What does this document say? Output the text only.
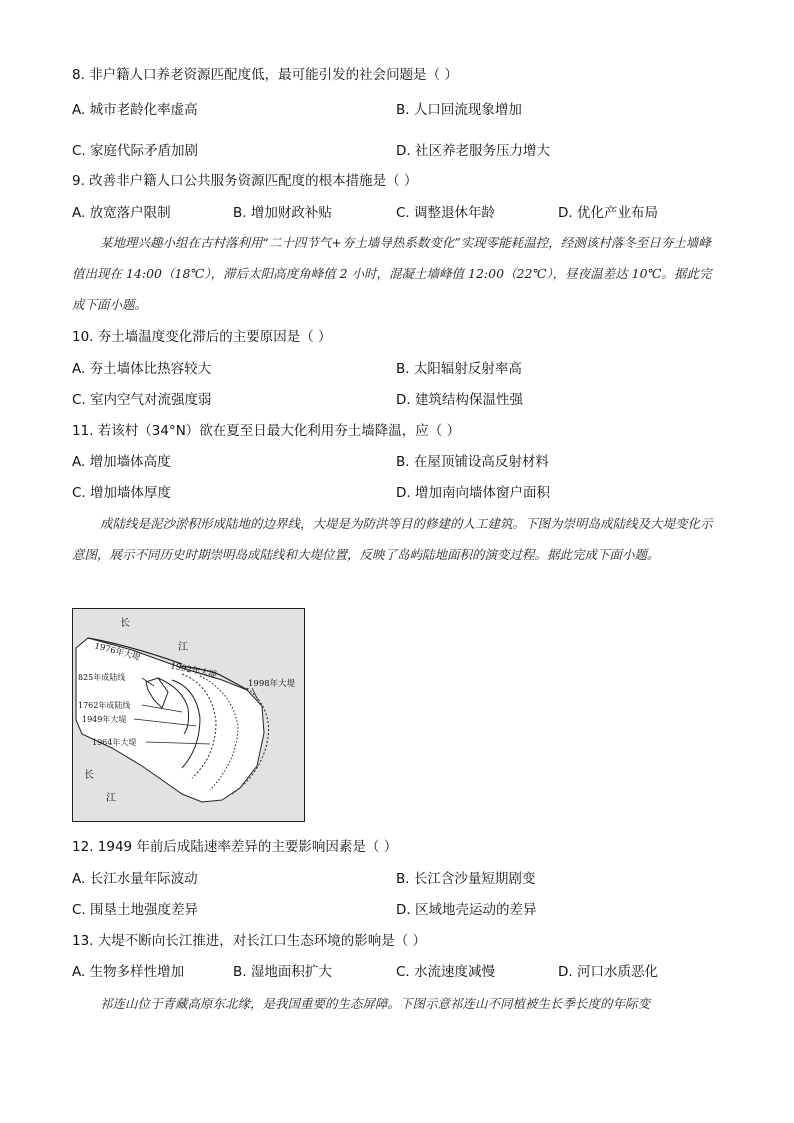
8. 非户籍人口养老资源匹配度低，最可能引发的社会问题是（ ）
A. 城市老龄化率虚高	B. 人口回流现象增加
C. 家庭代际矛盾加剧	D. 社区养老服务压力增大
9. 改善非户籍人口公共服务资源匹配度的根本措施是（ ）
A. 放宽落户限制	B. 增加财政补贴	C. 调整退休年龄	D. 优化产业布局
某地理兴趣小组在古村落利用“二十四节气+夯土墙导热系数变化”实现零能耗温控，经测该村落冬至日夯土墙峰值出现在 14:00（18℃），滞后太阳高度角峰值 2 小时，混凝土墙峰值 12:00（22℃），昼夜温差达 10℃。据此完成下面小题。
10. 夯土墙温度变化滞后的主要原因是（ ）
A. 夯土墙体比热容较大	B. 太阳辐射反射率高
C. 室内空气对流强度弱	D. 建筑结构保温性强
11. 若该村（34°N）欲在夏至日最大化利用夯土墙降温，应（ ）
A. 增加墙体高度	B. 在屋顶铺设高反射材料
C. 增加墙体厚度	D. 增加南向墙体窗户面积
成陆线是泥沙淤积形成陆地的边界线，大堤是为防洪等目的修建的人工建筑。下图为崇明岛成陆线及大堤变化示意图，展示不同历史时期崇明岛成陆线和大堤位置，反映了岛屿陆地面积的演变过程。据此完成下面小题。
长
江
1976年大堤
1992年大堤
1998年大堤
825年成陆线
1762年成陆线
1949年大堤
1964年大堤
长
江
12. 1949 年前后成陆速率差异的主要影响因素是（ ）
A. 长江水量年际波动	B. 长江含沙量短期剧变
C. 围垦土地强度差异	D. 区域地壳运动的差异
13. 大堤不断向长江推进，对长江口生态环境的影响是（ ）
A. 生物多样性增加	B. 湿地面积扩大	C. 水流速度减慢	D. 河口水质恶化
祁连山位于青藏高原东北缘，是我国重要的生态屏障。下图示意祁连山不同植被生长季长度的年际变
